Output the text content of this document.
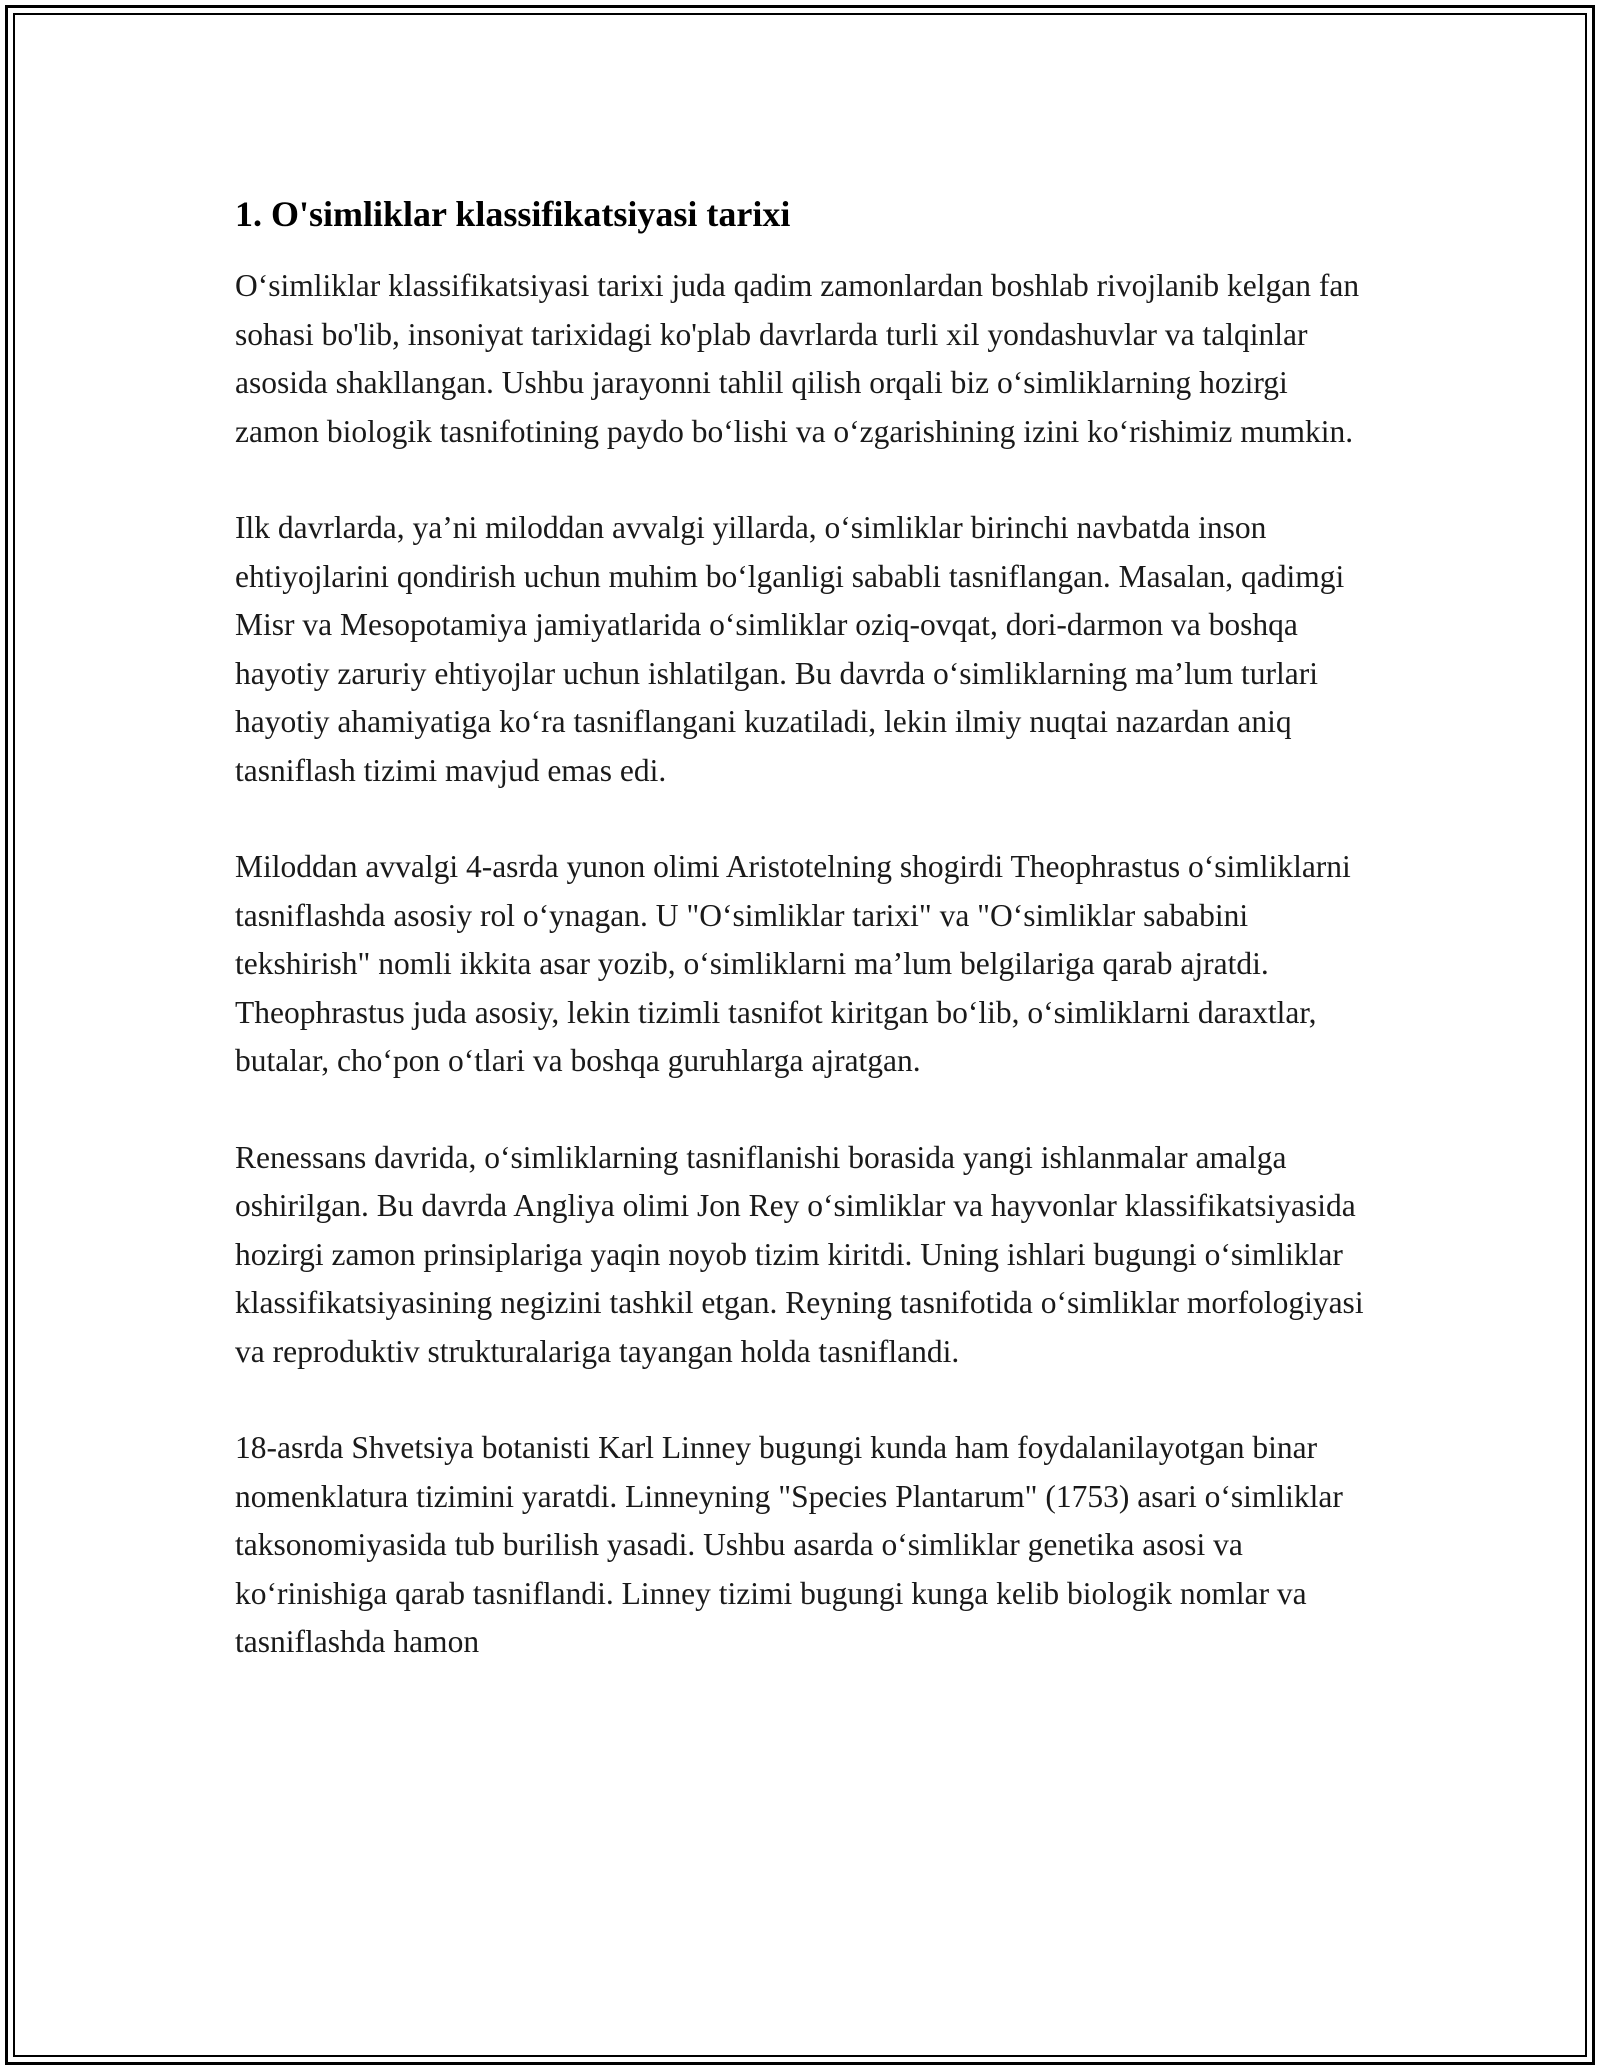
1. O'simliklar klassifikatsiyasi tarixi

O‘simliklar klassifikatsiyasi tarixi juda qadim zamonlardan boshlab rivojlanib kelgan fan sohasi bo'lib, insoniyat tarixidagi ko'plab davrlarda turli xil yondashuvlar va talqinlar asosida shakllangan. Ushbu jarayonni tahlil qilish orqali biz o‘simliklarning hozirgi zamon biologik tasnifotining paydo bo‘lishi va o‘zgarishining izini ko‘rishimiz mumkin.

Ilk davrlarda, ya’ni miloddan avvalgi yillarda, o‘simliklar birinchi navbatda inson ehtiyojlarini qondirish uchun muhim bo‘lganligi sababli tasniflangan. Masalan, qadimgi Misr va Mesopotamiya jamiyatlarida o‘simliklar oziq-ovqat, dori-darmon va boshqa hayotiy zaruriy ehtiyojlar uchun ishlatilgan. Bu davrda o‘simliklarning ma’lum turlari hayotiy ahamiyatiga ko‘ra tasniflangani kuzatiladi, lekin ilmiy nuqtai nazardan aniq tasniflash tizimi mavjud emas edi.

Miloddan avvalgi 4-asrda yunon olimi Aristotelning shogirdi Theophrastus o‘simliklarni tasniflashda asosiy rol o‘ynagan. U "O‘simliklar tarixi" va "O‘simliklar sababini tekshirish" nomli ikkita asar yozib, o‘simliklarni ma’lum belgilariga qarab ajratdi. Theophrastus juda asosiy, lekin tizimli tasnifot kiritgan bo‘lib, o‘simliklarni daraxtlar, butalar, cho‘pon o‘tlari va boshqa guruhlarga ajratgan.

Renessans davrida, o‘simliklarning tasniflanishi borasida yangi ishlanmalar amalga oshirilgan. Bu davrda Angliya olimi Jon Rey o‘simliklar va hayvonlar klassifikatsiyasida hozirgi zamon prinsiplariga yaqin noyob tizim kiritdi. Uning ishlari bugungi o‘simliklar klassifikatsiyasining negizini tashkil etgan. Reyning tasnifotida o‘simliklar morfologiyasi va reproduktiv strukturalariga tayangan holda tasniflandi.

18-asrda Shvetsiya botanisti Karl Linney bugungi kunda ham foydalanilayotgan binar nomenklatura tizimini yaratdi. Linneyning "Species Plantarum" (1753) asari o‘simliklar taksonomiyasida tub burilish yasadi. Ushbu asarda o‘simliklar genetika asosi va ko‘rinishiga qarab tasniflandi. Linney tizimi bugungi kunga kelib biologik nomlar va tasniflashda hamon
